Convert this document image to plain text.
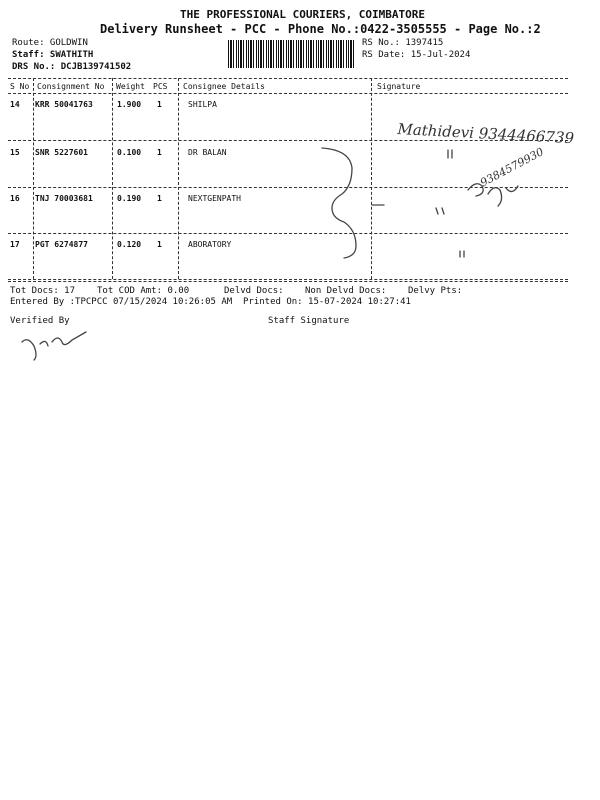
THE PROFESSIONAL COURIERS, COIMBATORE
Delivery Runsheet - PCC - Phone No.:0422-3505555 - Page No.:2
Route: GOLDWIN
Staff: SWATHITH
DRS No.: DCJB139741502
RS No.: 1397415
RS Date: 15-Jul-2024
S No Consignment No Weight PCS Consignee Details	Signature
14 KRR 50041763	1.900 1	SHILPA
15 SNR 5227601	0.100 1	DR BALAN
16 TNJ 70003681	0.190 1	NEXTGENPATH
17 PGT 6274877	0.120 1	ABORATORY
Mathidevi 9344466739
9384579930
Tot Docs: 17 Tot COD Amt: 0.00	Delvd Docs: Non Delvd Docs: Delvy Pts:
Entered By :TPCPCC 07/15/2024 10:26:05 AM Printed On: 15-07-2024 10:27:41
Verified By	Staff Signature
